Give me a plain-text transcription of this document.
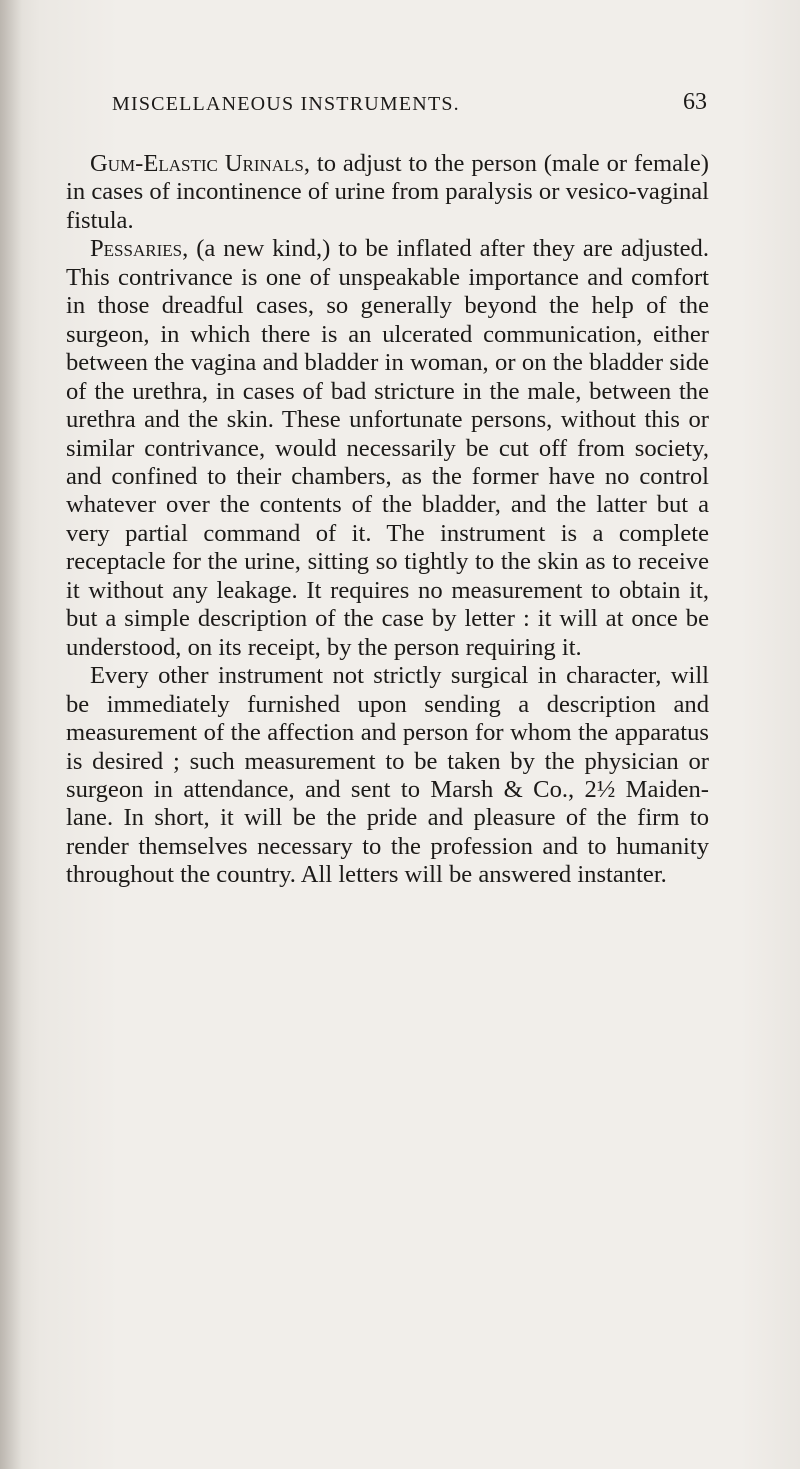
MISCELLANEOUS INSTRUMENTS.	63

Gum-Elastic Urinals, to adjust to the person (male or female) in cases of incontinence of urine from paralysis or vesico-vaginal fistula.

Pessaries, (a new kind,) to be inflated after they are adjusted. This contrivance is one of unspeakable importance and comfort in those dreadful cases, so generally beyond the help of the surgeon, in which there is an ulcerated communication, either between the vagina and bladder in woman, or on the bladder side of the urethra, in cases of bad stricture in the male, between the urethra and the skin. These unfortunate persons, without this or similar contrivance, would necessarily be cut off from society, and confined to their chambers, as the former have no control whatever over the contents of the bladder, and the latter but a very partial command of it. The instrument is a complete receptacle for the urine, sitting so tightly to the skin as to receive it without any leakage. It requires no measurement to obtain it, but a simple description of the case by letter : it will at once be understood, on its receipt, by the person requiring it.

Every other instrument not strictly surgical in character, will be immediately furnished upon sending a description and measurement of the affection and person for whom the apparatus is desired ; such measurement to be taken by the physician or surgeon in attendance, and sent to Marsh & Co., 2½ Maiden-lane. In short, it will be the pride and pleasure of the firm to render themselves necessary to the profession and to humanity throughout the country. All letters will be answered instanter.
